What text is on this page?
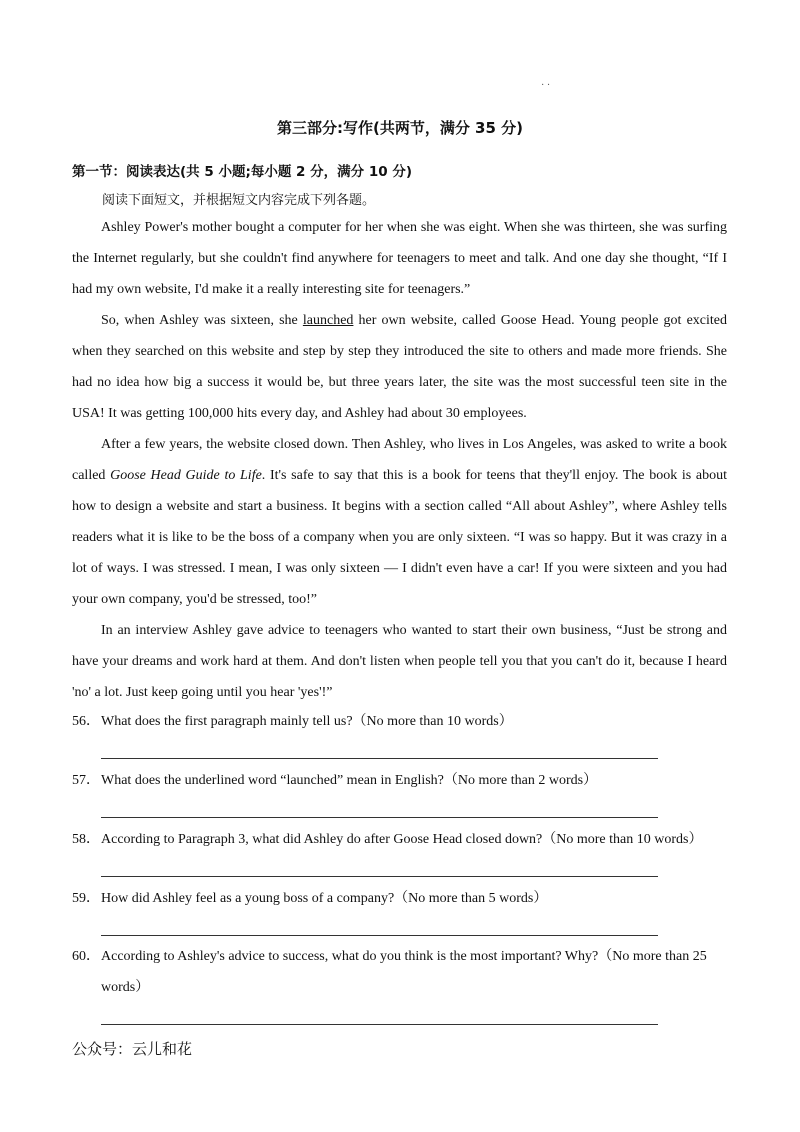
· ·
第三部分:写作(共两节，满分 35 分)
第一节：阅读表达(共 5 小题;每小题 2 分，满分 10 分)
阅读下面短文，并根据短文内容完成下列各题。

Ashley Power's mother bought a computer for her when she was eight. When she was thirteen, she was surfing the Internet regularly, but she couldn't find anywhere for teenagers to meet and talk. And one day she thought, “If I had my own website, I'd make it a really interesting site for teenagers.”

So, when Ashley was sixteen, she launched her own website, called Goose Head. Young people got excited when they searched on this website and step by step they introduced the site to others and made more friends. She had no idea how big a success it would be, but three years later, the site was the most successful teen site in the USA! It was getting 100,000 hits every day, and Ashley had about 30 employees.

After a few years, the website closed down. Then Ashley, who lives in Los Angeles, was asked to write a book called Goose Head Guide to Life. It's safe to say that this is a book for teens that they'll enjoy. The book is about how to design a website and start a business. It begins with a section called “All about Ashley”, where Ashley tells readers what it is like to be the boss of a company when you are only sixteen. “I was so happy. But it was crazy in a lot of ways. I was stressed. I mean, I was only sixteen — I didn't even have a car! If you were sixteen and you had your own company, you'd be stressed, too!”

In an interview Ashley gave advice to teenagers who wanted to start their own business, “Just be strong and have your dreams and work hard at them. And don't listen when people tell you that you can't do it, because I heard 'no' a lot. Just keep going until you hear 'yes'!”

56．What does the first paragraph mainly tell us?（No more than 10 words）
57．What does the underlined word “launched” mean in English?（No more than 2 words）
58．According to Paragraph 3, what did Ashley do after Goose Head closed down?（No more than 10 words）
59．How did Ashley feel as a young boss of a company?（No more than 5 words）
60．According to Ashley's advice to success, what do you think is the most important? Why?（No more than 25
words）
公众号：云儿和花
